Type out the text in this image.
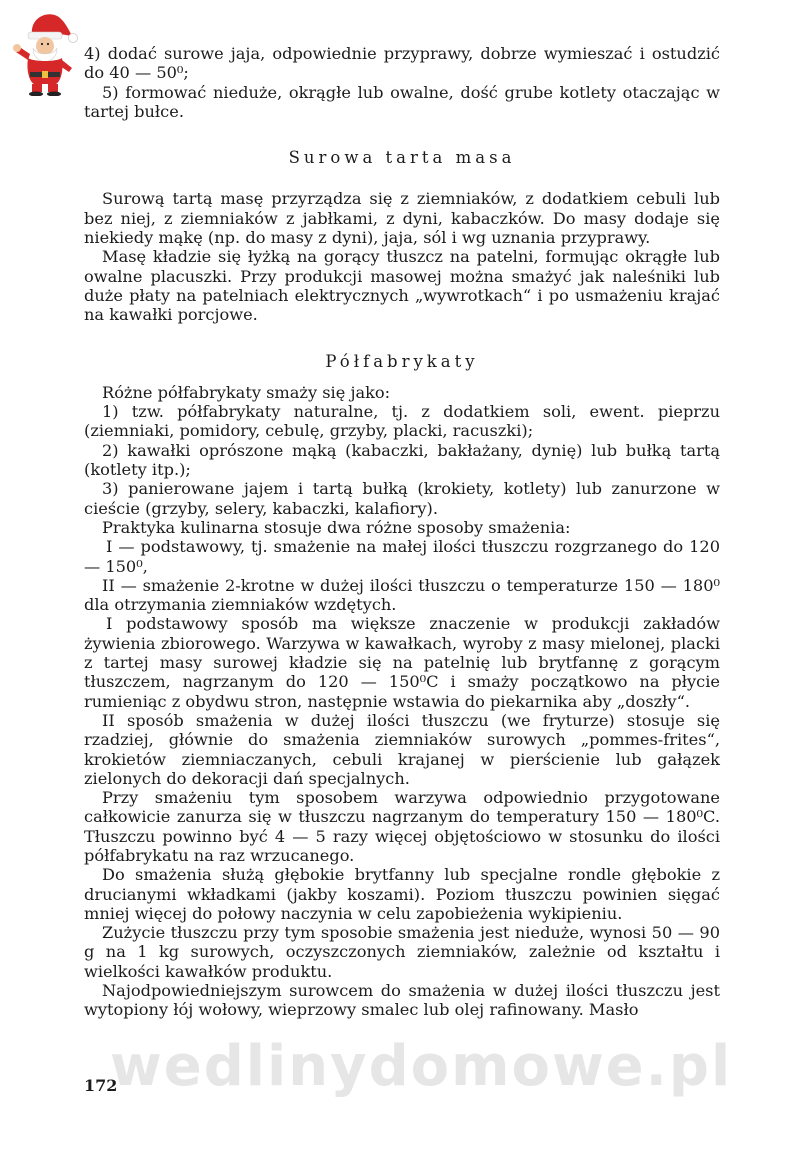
4) dodać surowe jaja, odpowiednie przyprawy, dobrze wymieszać i ostudzić do 40 — 50⁰;

5) formować nieduże, okrągłe lub owalne, dość grube kotlety otaczając w tartej bułce.

Surowa tarta masa

Surową tartą masę przyrządza się z ziemniaków, z dodatkiem cebuli lub bez niej, z ziemniaków z jabłkami, z dyni, kabaczków. Do masy dodaje się niekiedy mąkę (np. do masy z dyni), jaja, sól i wg uznania przyprawy.

Masę kładzie się łyżką na gorący tłuszcz na patelni, formując okrągłe lub owalne placuszki. Przy produkcji masowej można smażyć jak naleśniki lub duże płaty na patelniach elektrycznych „wywrotkach“ i po usmażeniu krajać na kawałki porcjowe.

Półfabrykaty

Różne półfabrykaty smaży się jako:

1) tzw. półfabrykaty naturalne, tj. z dodatkiem soli, ewent. pieprzu (ziemniaki, pomidory, cebulę, grzyby, placki, racuszki);

2) kawałki oprószone mąką (kabaczki, bakłażany, dynię) lub bułką tartą (kotlety itp.);

3) panierowane jajem i tartą bułką (krokiety, kotlety) lub zanurzone w cieście (grzyby, selery, kabaczki, kalafiory).

Praktyka kulinarna stosuje dwa różne sposoby smażenia:

I — podstawowy, tj. smażenie na małej ilości tłuszczu rozgrzanego do 120 — 150⁰,

II — smażenie 2-krotne w dużej ilości tłuszczu o temperaturze 150 — 180⁰ dla otrzymania ziemniaków wzdętych.

I podstawowy sposób ma większe znaczenie w produkcji zakładów żywienia zbiorowego. Warzywa w kawałkach, wyroby z masy mielonej, placki z tartej masy surowej kładzie się na patelnię lub brytfannę z gorącym tłuszczem, nagrzanym do 120 — 150⁰C i smaży początkowo na płycie rumieniąc z obydwu stron, następnie wstawia do piekarnika aby „doszły“.

II sposób smażenia w dużej ilości tłuszczu (we fryturze) stosuje się rzadziej, głównie do smażenia ziemniaków surowych „pommes-frites“, krokietów ziemniaczanych, cebuli krajanej w pierścienie lub gałązek zielonych do dekoracji dań specjalnych.

Przy smażeniu tym sposobem warzywa odpowiednio przygotowane całkowicie zanurza się w tłuszczu nagrzanym do temperatury 150 — 180⁰C. Tłuszczu powinno być 4 — 5 razy więcej objętościowo w stosunku do ilości półfabrykatu na raz wrzucanego.

Do smażenia służą głębokie brytfanny lub specjalne rondle głębokie z drucianymi wkładkami (jakby koszami). Poziom tłuszczu powinien sięgać mniej więcej do połowy naczynia w celu zapobieżenia wykipieniu.

Zużycie tłuszczu przy tym sposobie smażenia jest nieduże, wynosi 50 — 90 g na 1 kg surowych, oczyszczonych ziemniaków, zależnie od kształtu i wielkości kawałków produktu.

Najodpowiedniejszym surowcem do smażenia w dużej ilości tłuszczu jest wytopiony łój wołowy, wieprzowy smalec lub olej rafinowany. Masło

wedlinydomowe.pl
172
